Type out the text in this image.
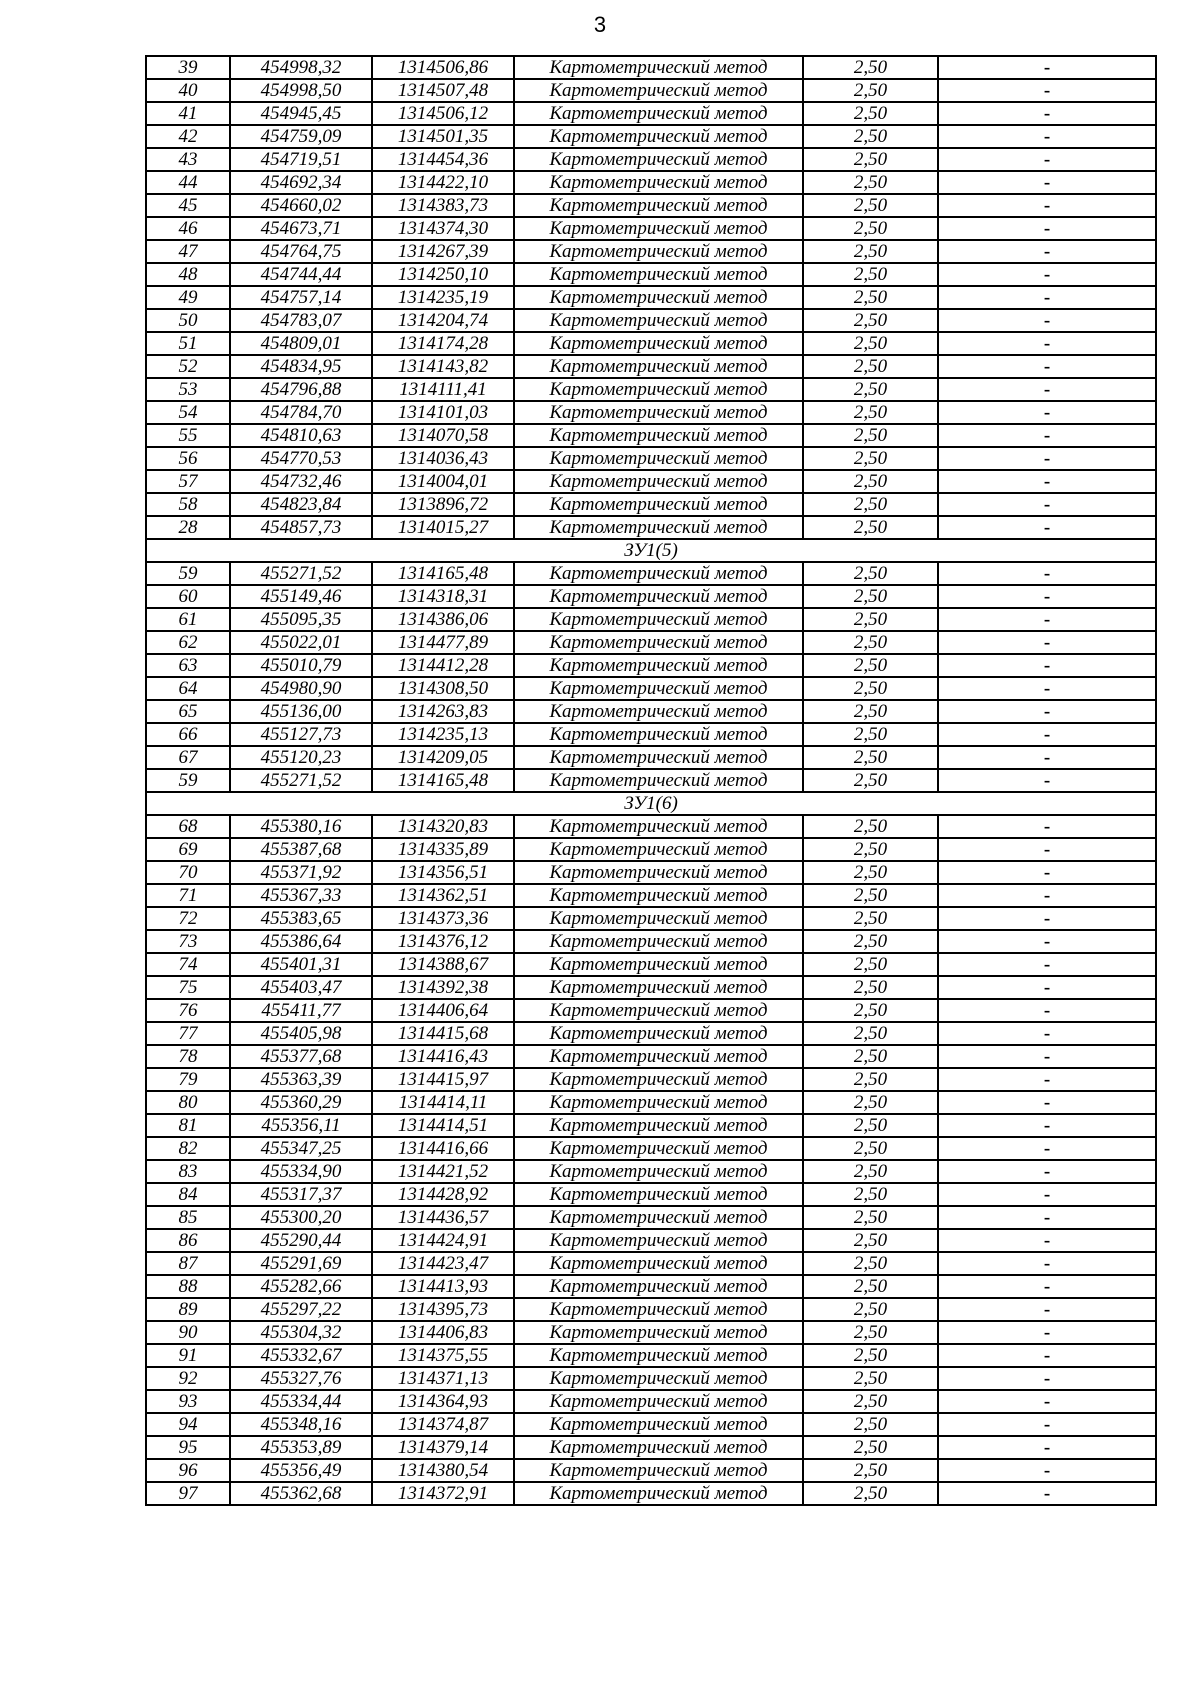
3
39	454998,32	1314506,86	Картометрический метод	2,50	-
40	454998,50	1314507,48	Картометрический метод	2,50	-
41	454945,45	1314506,12	Картометрический метод	2,50	-
42	454759,09	1314501,35	Картометрический метод	2,50	-
43	454719,51	1314454,36	Картометрический метод	2,50	-
44	454692,34	1314422,10	Картометрический метод	2,50	-
45	454660,02	1314383,73	Картометрический метод	2,50	-
46	454673,71	1314374,30	Картометрический метод	2,50	-
47	454764,75	1314267,39	Картометрический метод	2,50	-
48	454744,44	1314250,10	Картометрический метод	2,50	-
49	454757,14	1314235,19	Картометрический метод	2,50	-
50	454783,07	1314204,74	Картометрический метод	2,50	-
51	454809,01	1314174,28	Картометрический метод	2,50	-
52	454834,95	1314143,82	Картометрический метод	2,50	-
53	454796,88	1314111,41	Картометрический метод	2,50	-
54	454784,70	1314101,03	Картометрический метод	2,50	-
55	454810,63	1314070,58	Картометрический метод	2,50	-
56	454770,53	1314036,43	Картометрический метод	2,50	-
57	454732,46	1314004,01	Картометрический метод	2,50	-
58	454823,84	1313896,72	Картометрический метод	2,50	-
28	454857,73	1314015,27	Картометрический метод	2,50	-
ЗУ1(5)					
59	455271,52	1314165,48	Картометрический метод	2,50	-
60	455149,46	1314318,31	Картометрический метод	2,50	-
61	455095,35	1314386,06	Картометрический метод	2,50	-
62	455022,01	1314477,89	Картометрический метод	2,50	-
63	455010,79	1314412,28	Картометрический метод	2,50	-
64	454980,90	1314308,50	Картометрический метод	2,50	-
65	455136,00	1314263,83	Картометрический метод	2,50	-
66	455127,73	1314235,13	Картометрический метод	2,50	-
67	455120,23	1314209,05	Картометрический метод	2,50	-
59	455271,52	1314165,48	Картометрический метод	2,50	-
ЗУ1(6)					
68	455380,16	1314320,83	Картометрический метод	2,50	-
69	455387,68	1314335,89	Картометрический метод	2,50	-
70	455371,92	1314356,51	Картометрический метод	2,50	-
71	455367,33	1314362,51	Картометрический метод	2,50	-
72	455383,65	1314373,36	Картометрический метод	2,50	-
73	455386,64	1314376,12	Картометрический метод	2,50	-
74	455401,31	1314388,67	Картометрический метод	2,50	-
75	455403,47	1314392,38	Картометрический метод	2,50	-
76	455411,77	1314406,64	Картометрический метод	2,50	-
77	455405,98	1314415,68	Картометрический метод	2,50	-
78	455377,68	1314416,43	Картометрический метод	2,50	-
79	455363,39	1314415,97	Картометрический метод	2,50	-
80	455360,29	1314414,11	Картометрический метод	2,50	-
81	455356,11	1314414,51	Картометрический метод	2,50	-
82	455347,25	1314416,66	Картометрический метод	2,50	-
83	455334,90	1314421,52	Картометрический метод	2,50	-
84	455317,37	1314428,92	Картометрический метод	2,50	-
85	455300,20	1314436,57	Картометрический метод	2,50	-
86	455290,44	1314424,91	Картометрический метод	2,50	-
87	455291,69	1314423,47	Картометрический метод	2,50	-
88	455282,66	1314413,93	Картометрический метод	2,50	-
89	455297,22	1314395,73	Картометрический метод	2,50	-
90	455304,32	1314406,83	Картометрический метод	2,50	-
91	455332,67	1314375,55	Картометрический метод	2,50	-
92	455327,76	1314371,13	Картометрический метод	2,50	-
93	455334,44	1314364,93	Картометрический метод	2,50	-
94	455348,16	1314374,87	Картометрический метод	2,50	-
95	455353,89	1314379,14	Картометрический метод	2,50	-
96	455356,49	1314380,54	Картометрический метод	2,50	-
97	455362,68	1314372,91	Картометрический метод	2,50	-
